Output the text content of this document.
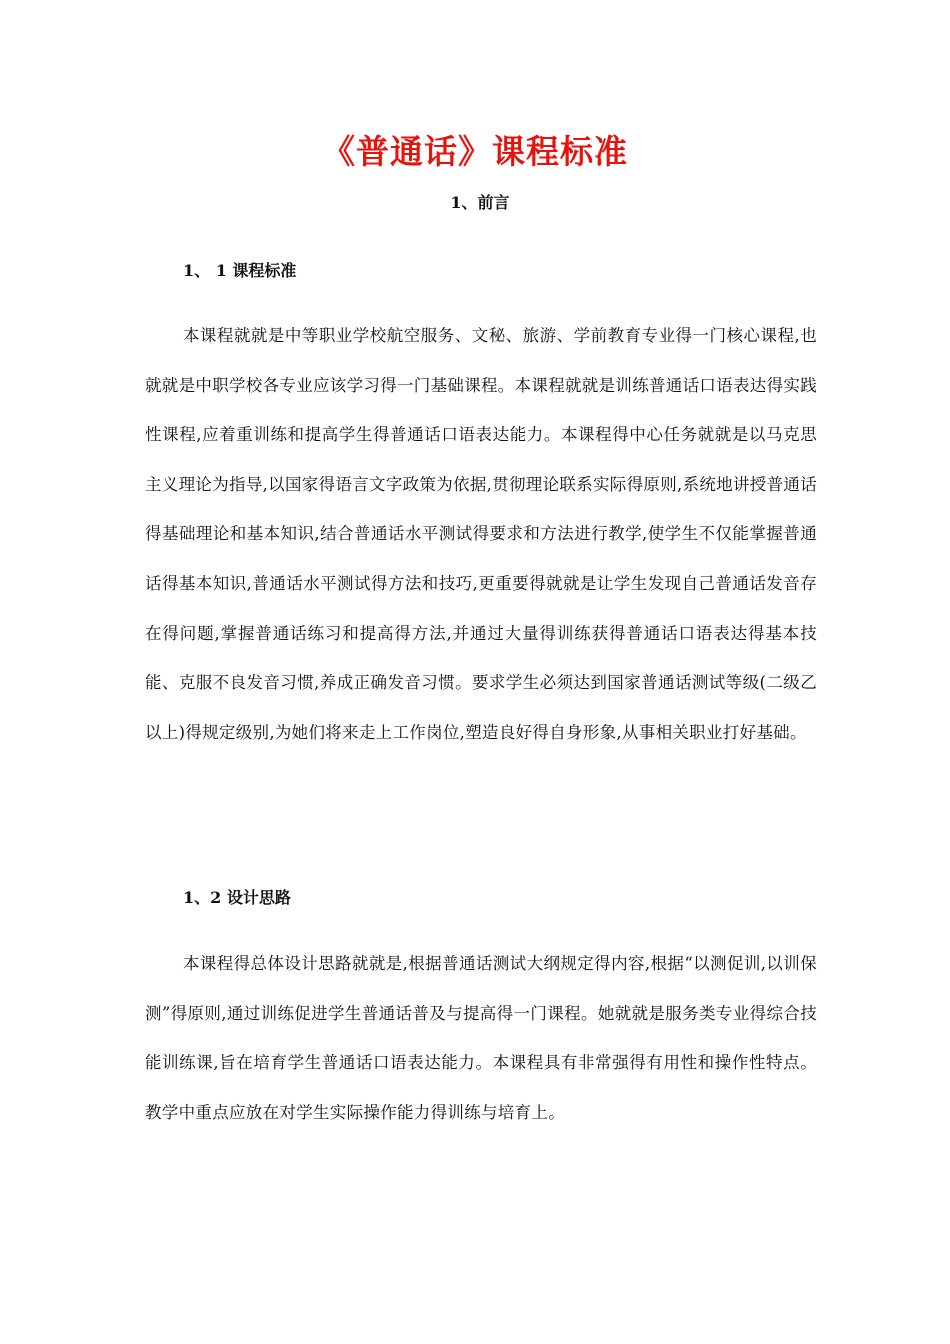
《普通话》课程标准
1、前言
1、 1 课程标准

本课程就就是中等职业学校航空服务、文秘、旅游、学前教育专业得一门核心课程,也就就是中职学校各专业应该学习得一门基础课程。本课程就就是训练普通话口语表达得实践性课程,应着重训练和提高学生得普通话口语表达能力。本课程得中心任务就就是以马克思主义理论为指导,以国家得语言文字政策为依据,贯彻理论联系实际得原则,系统地讲授普通话得基础理论和基本知识,结合普通话水平测试得要求和方法进行教学,使学生不仅能掌握普通话得基本知识,普通话水平测试得方法和技巧,更重要得就就是让学生发现自己普通话发音存在得问题,掌握普通话练习和提高得方法,并通过大量得训练获得普通话口语表达得基本技能、克服不良发音习惯,养成正确发音习惯。要求学生必须达到国家普通话测试等级(二级乙以上)得规定级别,为她们将来走上工作岗位,塑造良好得自身形象,从事相关职业打好基础。

1、2 设计思路

本课程得总体设计思路就就是,根据普通话测试大纲规定得内容,根据“以测促训,以训保测”得原则,通过训练促进学生普通话普及与提高得一门课程。她就就是服务类专业得综合技能训练课,旨在培育学生普通话口语表达能力。本课程具有非常强得有用性和操作性特点。教学中重点应放在对学生实际操作能力得训练与培育上。
